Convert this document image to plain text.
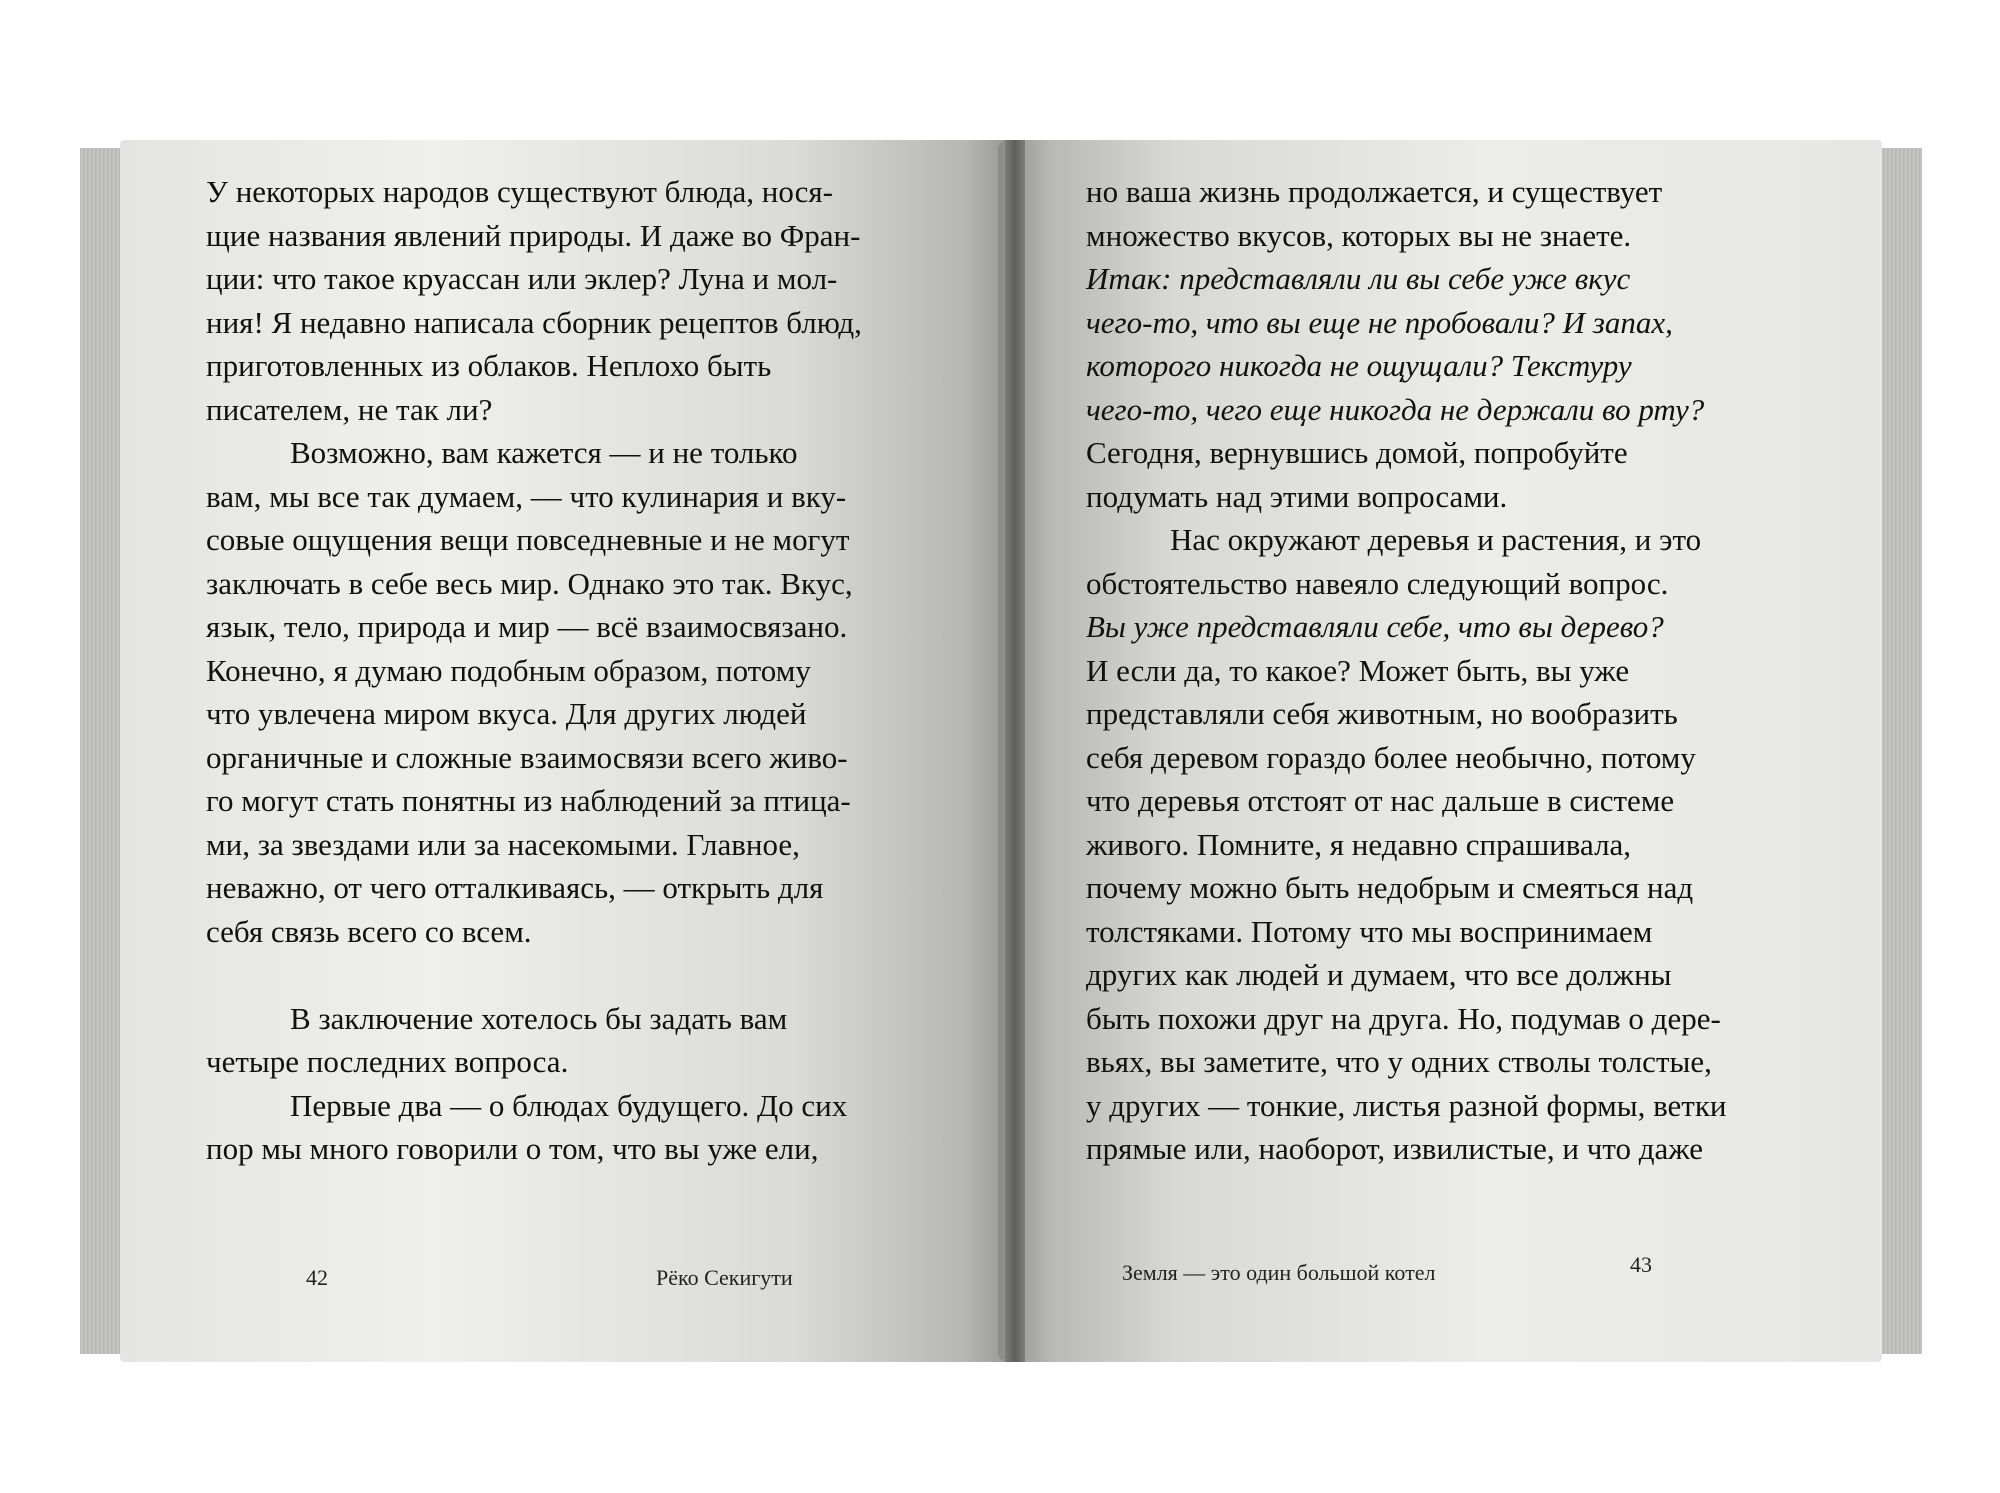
У некоторых народов существуют блюда, нося-
щие названия явлений природы. И даже во Фран-
ции: что такое круассан или эклер? Луна и мол-
ния! Я недавно написала сборник рецептов блюд,
приготовленных из облаков. Неплохо быть
писателем, не так ли?
Возможно, вам кажется — и не только
вам, мы все так думаем, — что кулинария и вку-
совые ощущения вещи повседневные и не могут
заключать в себе весь мир. Однако это так. Вкус,
язык, тело, природа и мир — всё взаимосвязано.
Конечно, я думаю подобным образом, потому
что увлечена миром вкуса. Для других людей
органичные и сложные взаимосвязи всего живо-
го могут стать понятны из наблюдений за птица-
ми, за звездами или за насекомыми. Главное,
неважно, от чего отталкиваясь, — открыть для
себя связь всего со всем.
В заключение хотелось бы задать вам
четыре последних вопроса.
Первые два — о блюдах будущего. До сих
пор мы много говорили о том, что вы уже ели,
42	Рёко Секигути
но ваша жизнь продолжается, и существует
множество вкусов, которых вы не знаете.
Итак: представляли ли вы себе уже вкус
чего-то, что вы еще не пробовали? И запах,
которого никогда не ощущали? Текстуру
чего-то, чего еще никогда не держали во рту?
Сегодня, вернувшись домой, попробуйте
подумать над этими вопросами.
Нас окружают деревья и растения, и это
обстоятельство навеяло следующий вопрос.
Вы уже представляли себе, что вы дерево?
И если да, то какое? Может быть, вы уже
представляли себя животным, но вообразить
себя деревом гораздо более необычно, потому
что деревья отстоят от нас дальше в системе
живого. Помните, я недавно спрашивала,
почему можно быть недобрым и смеяться над
толстяками. Потому что мы воспринимаем
других как людей и думаем, что все должны
быть похожи друг на друга. Но, подумав о дере-
вьях, вы заметите, что у одних стволы толстые,
у других — тонкие, листья разной формы, ветки
прямые или, наоборот, извилистые, и что даже
Земля — это один большой котел	43
